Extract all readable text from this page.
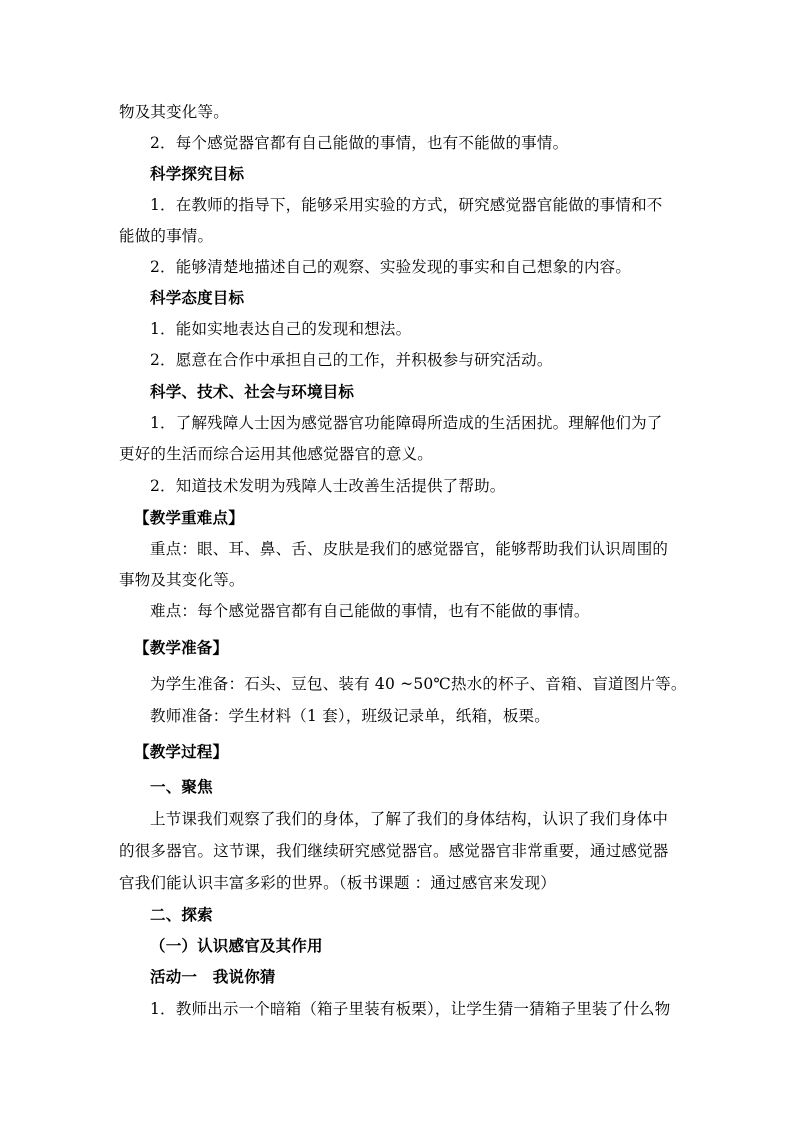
物及其变化等。
2．每个感觉器官都有自己能做的事情，也有不能做的事情。
科学探究目标
1．在教师的指导下，能够采用实验的方式，研究感觉器官能做的事情和不
能做的事情。
2．能够清楚地描述自己的观察、实验发现的事实和自己想象的内容。
科学态度目标
1．能如实地表达自己的发现和想法。
2．愿意在合作中承担自己的工作，并积极参与研究活动。
科学、技术、社会与环境目标
1．了解残障人士因为感觉器官功能障碍所造成的生活困扰。理解他们为了
更好的生活而综合运用其他感觉器官的意义。
2．知道技术发明为残障人士改善生活提供了帮助。
【教学重难点】
重点：眼、耳、鼻、舌、皮肤是我们的感觉器官，能够帮助我们认识周围的
事物及其变化等。
难点：每个感觉器官都有自己能做的事情，也有不能做的事情。
【教学准备】
为学生准备：石头、豆包、装有 40 ~50℃热水的杯子、音箱、盲道图片等。
教师准备：学生材料（1 套），班级记录单，纸箱，板栗。
【教学过程】
一、聚焦
上节课我们观察了我们的身体，了解了我们的身体结构，认识了我们身体中
的很多器官。这节课，我们继续研究感觉器官。感觉器官非常重要，通过感觉器
官我们能认识丰富多彩的世界。（板书课题 ：通过感官来发现）
二、探索
（一）认识感官及其作用
活动一　我说你猜
1．教师出示一个暗箱（箱子里装有板栗），让学生猜一猜箱子里装了什么物
